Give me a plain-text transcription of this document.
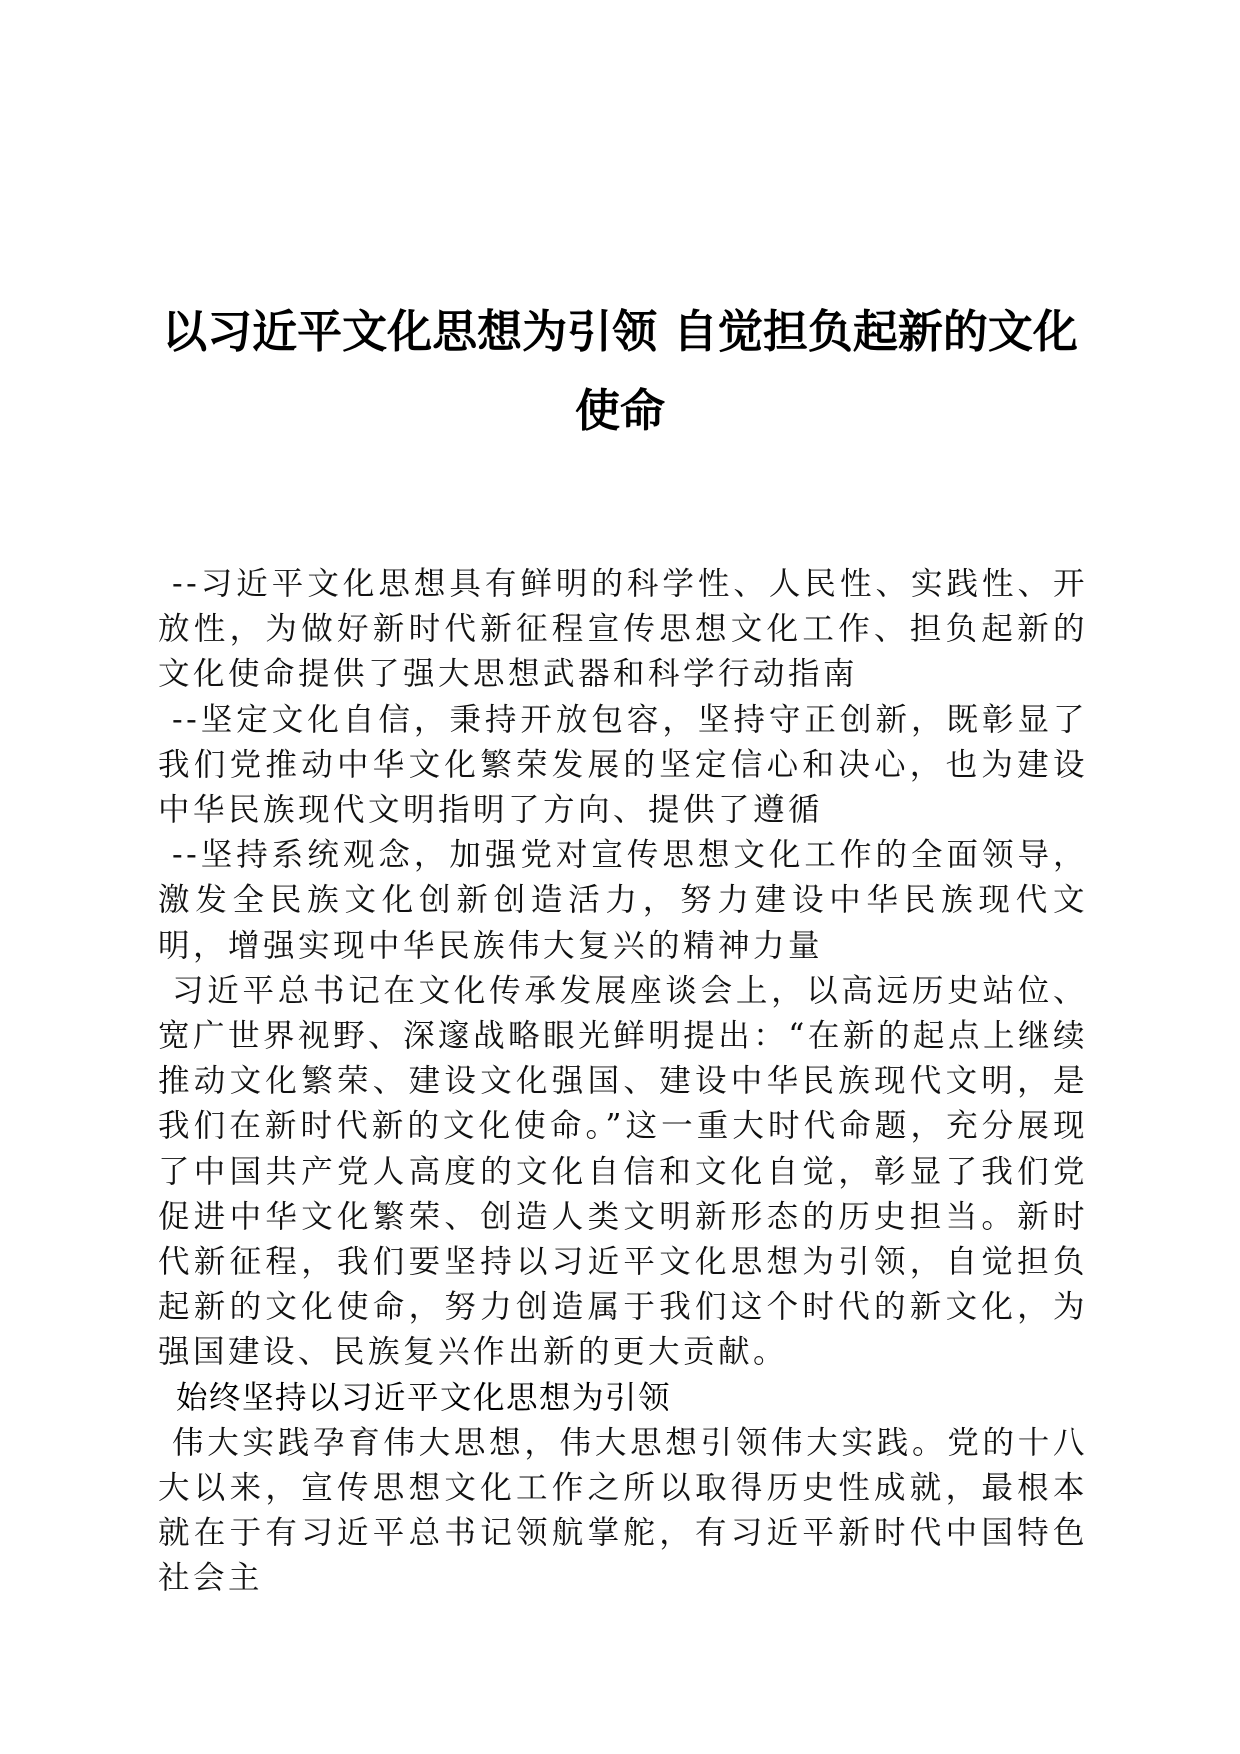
以习近平文化思想为引领 自觉担负起新的文化使命

--习近平文化思想具有鲜明的科学性、人民性、实践性、开放性，为做好新时代新征程宣传思想文化工作、担负起新的文化使命提供了强大思想武器和科学行动指南

--坚定文化自信，秉持开放包容，坚持守正创新，既彰显了我们党推动中华文化繁荣发展的坚定信心和决心，也为建设中华民族现代文明指明了方向、提供了遵循

--坚持系统观念，加强党对宣传思想文化工作的全面领导，激发全民族文化创新创造活力，努力建设中华民族现代文明，增强实现中华民族伟大复兴的精神力量

习近平总书记在文化传承发展座谈会上，以高远历史站位、宽广世界视野、深邃战略眼光鲜明提出：“在新的起点上继续推动文化繁荣、建设文化强国、建设中华民族现代文明，是我们在新时代新的文化使命。”这一重大时代命题，充分展现了中国共产党人高度的文化自信和文化自觉，彰显了我们党促进中华文化繁荣、创造人类文明新形态的历史担当。新时代新征程，我们要坚持以习近平文化思想为引领，自觉担负起新的文化使命，努力创造属于我们这个时代的新文化，为强国建设、民族复兴作出新的更大贡献。

始终坚持以习近平文化思想为引领

伟大实践孕育伟大思想，伟大思想引领伟大实践。党的十八大以来，宣传思想文化工作之所以取得历史性成就，最根本就在于有习近平总书记领航掌舵，有习近平新时代中国特色社会主
